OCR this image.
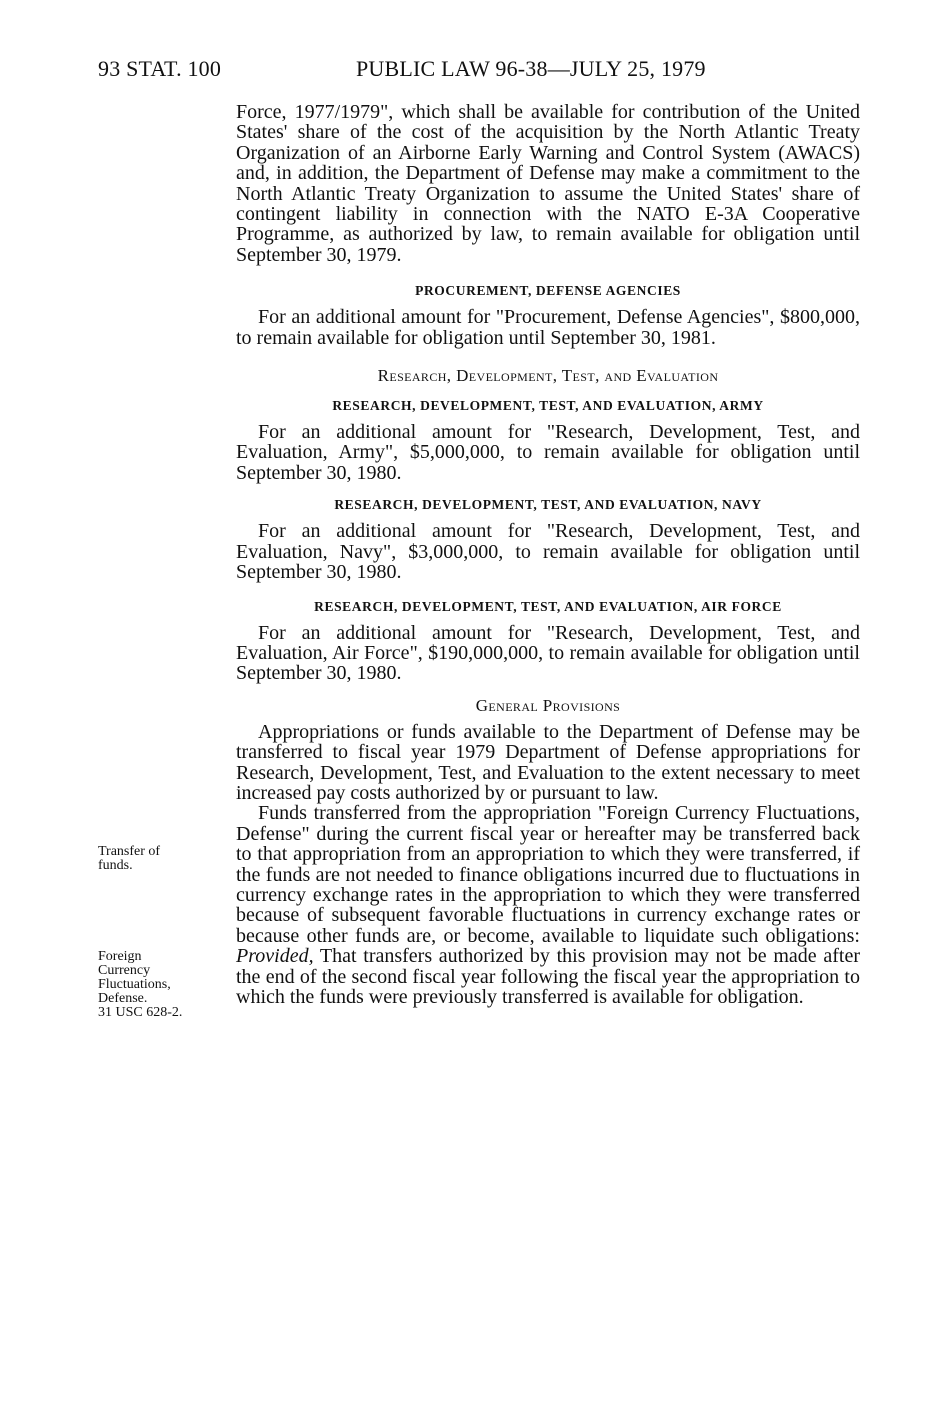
93 STAT. 100	PUBLIC LAW 96-38—JULY 25, 1979
Transfer of
funds.
Foreign
Currency
Fluctuations,
Defense.
31 USC 628-2.

Force, 1977/1979", which shall be available for contribution of the United States' share of the cost of the acquisition by the North Atlantic Treaty Organization of an Airborne Early Warning and Control System (AWACS) and, in addition, the Department of Defense may make a commitment to the North Atlantic Treaty Organization to assume the United States' share of contingent liability in connection with the NATO E-3A Cooperative Programme, as authorized by law, to remain available for obligation until September 30, 1979.

PROCUREMENT, DEFENSE AGENCIES

For an additional amount for "Procurement, Defense Agencies", $800,000, to remain available for obligation until September 30, 1981.

Research, Development, Test, and Evaluation
RESEARCH, DEVELOPMENT, TEST, AND EVALUATION, ARMY

For an additional amount for "Research, Development, Test, and Evaluation, Army", $5,000,000, to remain available for obligation until September 30, 1980.

RESEARCH, DEVELOPMENT, TEST, AND EVALUATION, NAVY

For an additional amount for "Research, Development, Test, and Evaluation, Navy", $3,000,000, to remain available for obligation until September 30, 1980.

RESEARCH, DEVELOPMENT, TEST, AND EVALUATION, AIR FORCE

For an additional amount for "Research, Development, Test, and Evaluation, Air Force", $190,000,000, to remain available for obligation until September 30, 1980.

General Provisions

Appropriations or funds available to the Department of Defense may be transferred to fiscal year 1979 Department of Defense appropriations for Research, Development, Test, and Evaluation to the extent necessary to meet increased pay costs authorized by or pursuant to law.

Funds transferred from the appropriation "Foreign Currency Fluctuations, Defense" during the current fiscal year or hereafter may be transferred back to that appropriation from an appropriation to which they were transferred, if the funds are not needed to finance obligations incurred due to fluctuations in currency exchange rates in the appropriation to which they were transferred because of subsequent favorable fluctuations in currency exchange rates or because other funds are, or become, available to liquidate such obligations: Provided, That transfers authorized by this provision may not be made after the end of the second fiscal year following the fiscal year the appropriation to which the funds were previously transferred is available for obligation.
